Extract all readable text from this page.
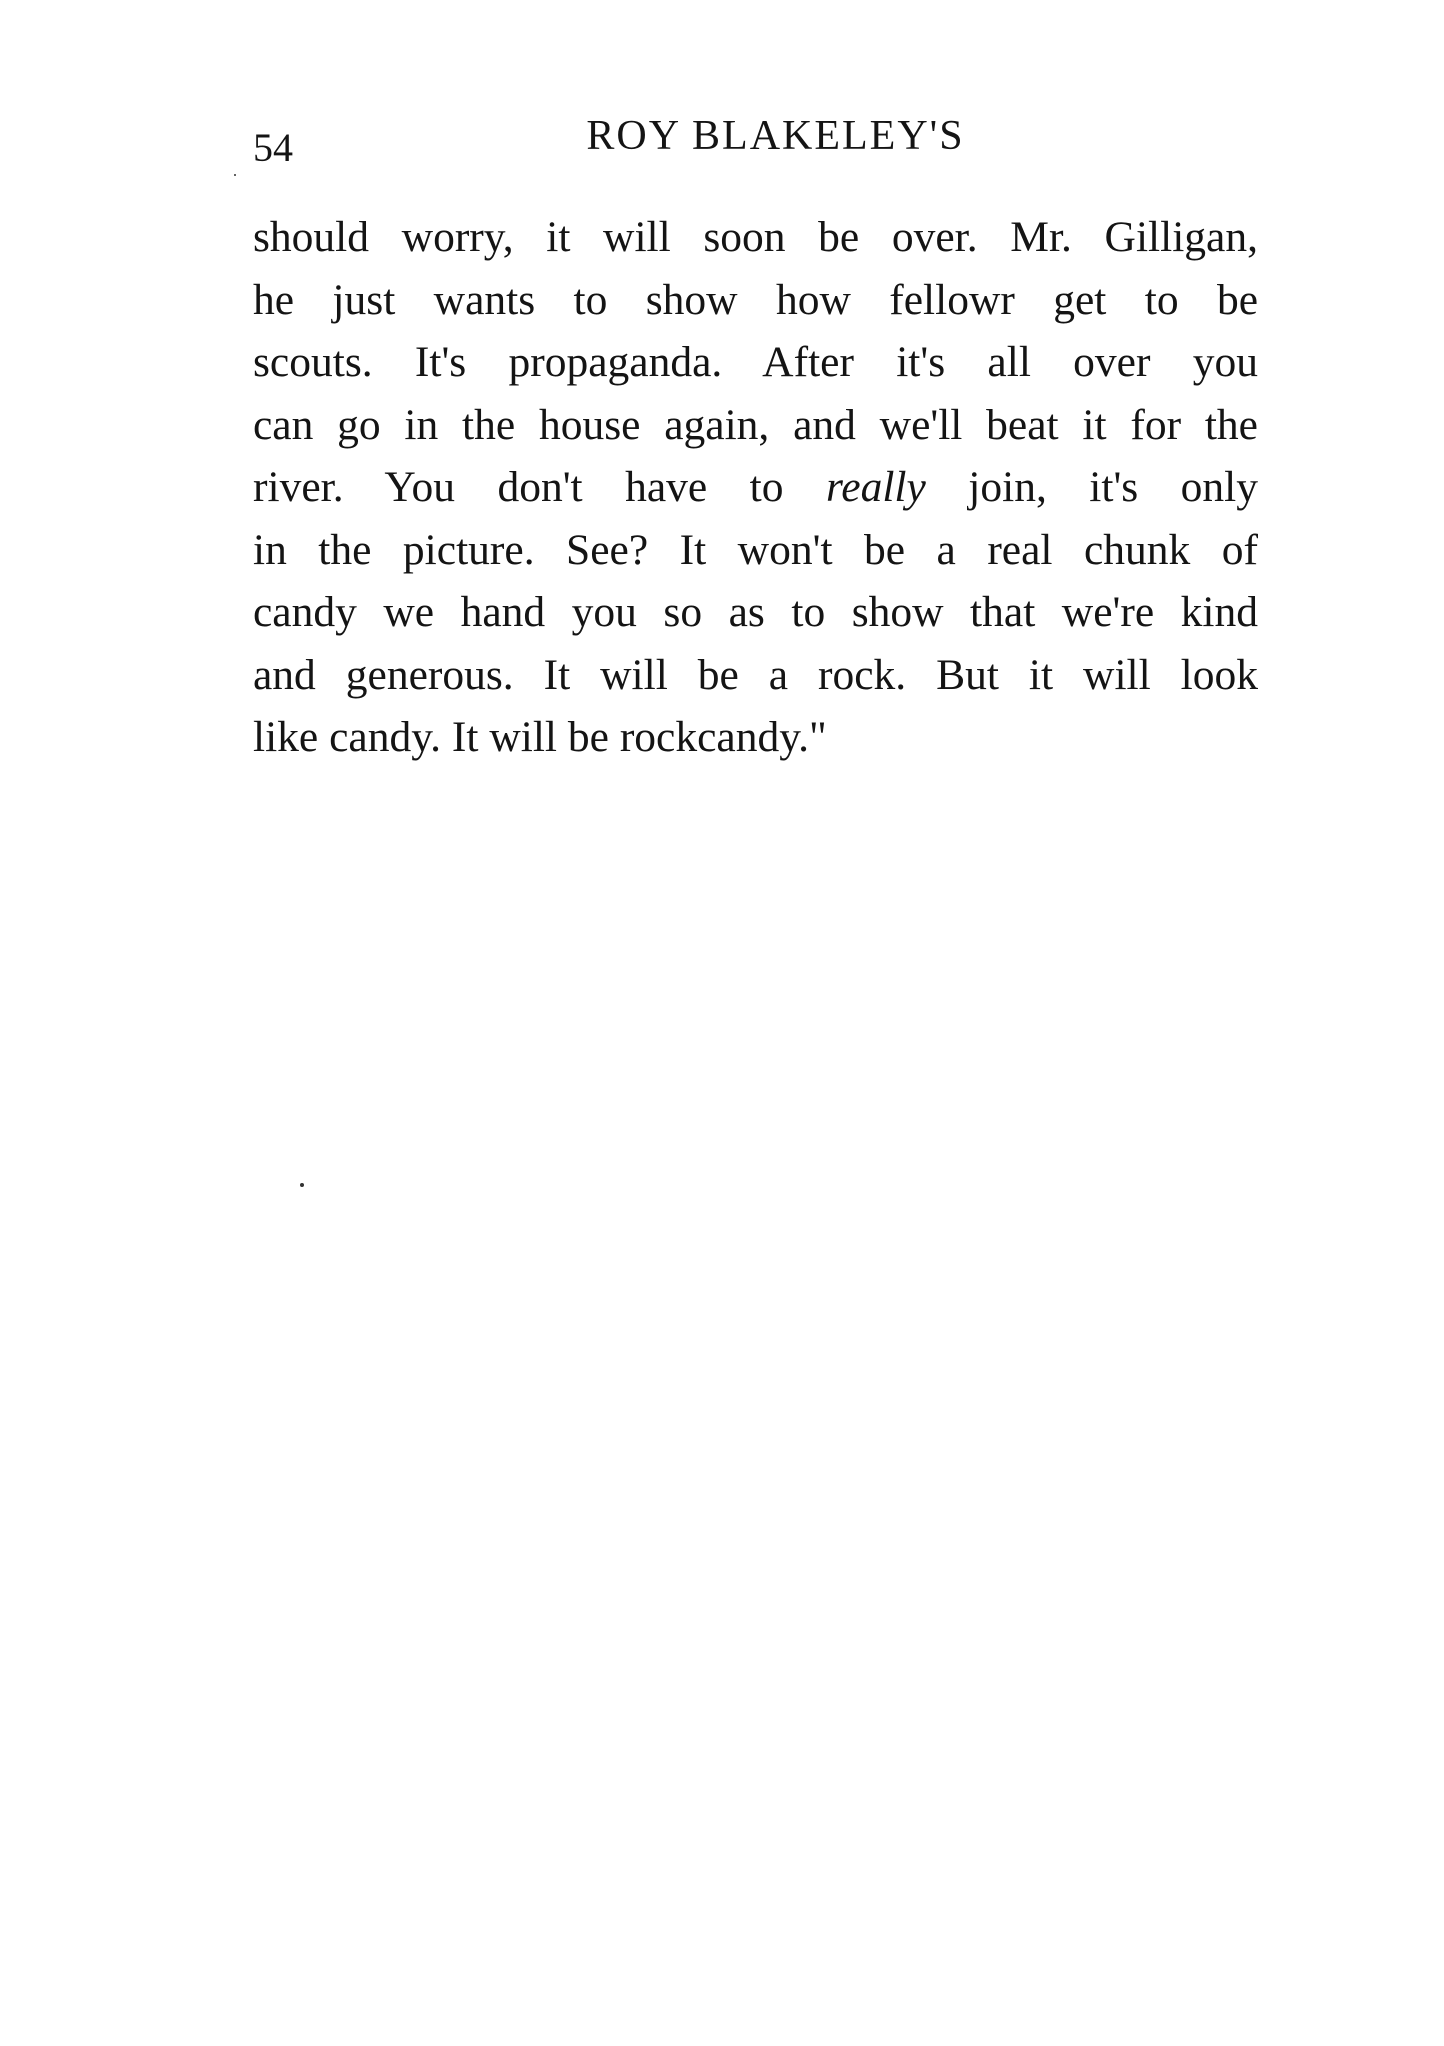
54	ROY BLAKELEY'S
should worry, it will soon be over. Mr. Gilligan,
he just wants to show how fellowr get to be
scouts. It's propaganda. After it's all over you
can go in the house again, and we'll beat it for the
river. You don't have to really join, it's only
in the picture. See? It won't be a real chunk of
candy we hand you so as to show that we're kind
and generous. It will be a rock. But it will look
like candy. It will be rockcandy."
